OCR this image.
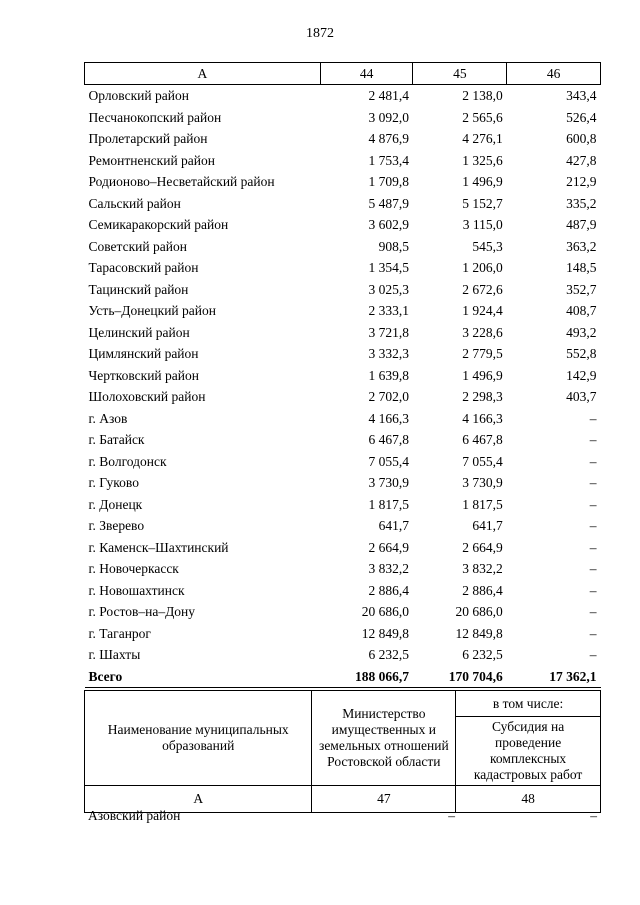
1872
А	44	45	46
Орловский район	2 481,4	2 138,0	343,4
Песчанокопский район	3 092,0	2 565,6	526,4
Пролетарский район	4 876,9	4 276,1	600,8
Ремонтненский район	1 753,4	1 325,6	427,8
Родионово–Несветайский район	1 709,8	1 496,9	212,9
Сальский район	5 487,9	5 152,7	335,2
Семикаракорский район	3 602,9	3 115,0	487,9
Советский район	908,5	545,3	363,2
Тарасовский район	1 354,5	1 206,0	148,5
Тацинский район	3 025,3	2 672,6	352,7
Усть–Донецкий район	2 333,1	1 924,4	408,7
Целинский район	3 721,8	3 228,6	493,2
Цимлянский район	3 332,3	2 779,5	552,8
Чертковский район	1 639,8	1 496,9	142,9
Шолоховский район	2 702,0	2 298,3	403,7
г. Азов	4 166,3	4 166,3	–
г. Батайск	6 467,8	6 467,8	–
г. Волгодонск	7 055,4	7 055,4	–
г. Гуково	3 730,9	3 730,9	–
г. Донецк	1 817,5	1 817,5	–
г. Зверево	641,7	641,7	–
г. Каменск–Шахтинский	2 664,9	2 664,9	–
г. Новочеркасск	3 832,2	3 832,2	–
г. Новошахтинск	2 886,4	2 886,4	–
г. Ростов–на–Дону	20 686,0	20 686,0	–
г. Таганрог	12 849,8	12 849,8	–
г. Шахты	6 232,5	6 232,5	–
Всего	188 066,7	170 704,6	17 362,1
Наименование муниципальных образований	Министерство имущественных и земельных отношений Ростовской области	в том числе:
		Субсидия на проведение комплексных кадастровых работ
А	47	48
Азовский район	–	–
